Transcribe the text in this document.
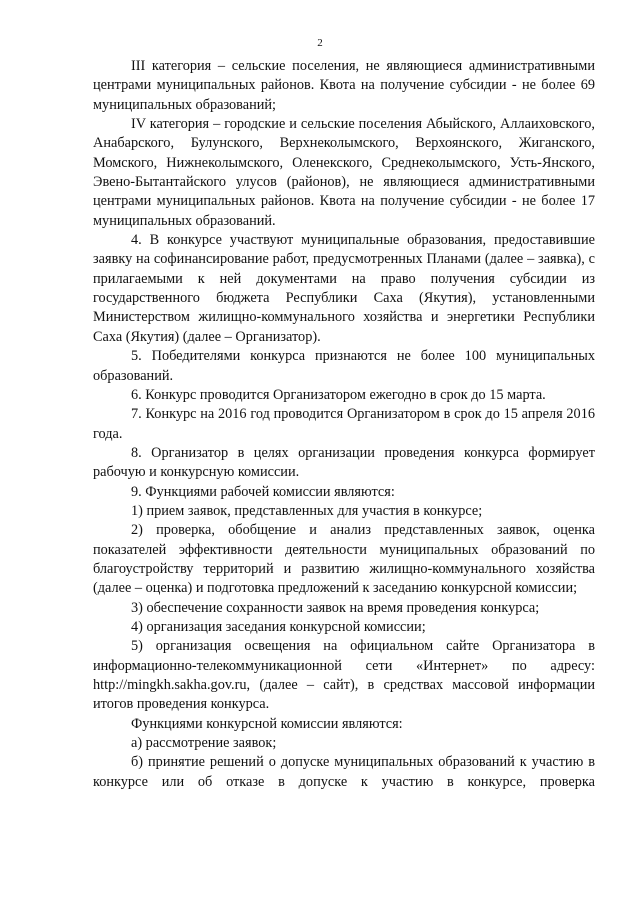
2

III категория – сельские поселения, не являющиеся административными центрами муниципальных районов. Квота на получение субсидии - не более 69 муниципальных образований;

IV категория – городские и сельские поселения Абыйского, Аллаиховского, Анабарского, Булунского, Верхнеколымского, Верхоянского, Жиганского, Момского, Нижнеколымского, Оленекского, Среднеколымского, Усть-Янского, Эвено-Бытантайского улусов (районов), не являющиеся административными центрами муниципальных районов. Квота на получение субсидии - не более 17 муниципальных образований.

4. В конкурсе участвуют муниципальные образования, предоставившие заявку на софинансирование работ, предусмотренных Планами (далее – заявка), с прилагаемыми к ней документами на право получения субсидии из государственного бюджета Республики Саха (Якутия), установленными Министерством жилищно-коммунального хозяйства и энергетики Республики Саха (Якутия) (далее – Организатор).

5. Победителями конкурса признаются не более 100 муниципальных образований.

6. Конкурс проводится Организатором ежегодно в срок до 15 марта.

7. Конкурс на 2016 год проводится Организатором в срок до 15 апреля 2016 года.

8. Организатор в целях организации проведения конкурса формирует рабочую и конкурсную комиссии.

9. Функциями рабочей комиссии являются:

1) прием заявок, представленных для участия в конкурсе;

2) проверка, обобщение и анализ представленных заявок, оценка показателей эффективности деятельности муниципальных образований по благоустройству территорий и развитию жилищно-коммунального хозяйства (далее – оценка) и подготовка предложений к заседанию конкурсной комиссии;

3) обеспечение сохранности заявок на время проведения конкурса;

4) организация заседания конкурсной комиссии;

5) организация освещения на официальном сайте Организатора в информационно-телекоммуникационной сети «Интернет» по адресу: http://mingkh.sakha.gov.ru, (далее – сайт), в средствах массовой информации итогов проведения конкурса.

Функциями конкурсной комиссии являются:

а) рассмотрение заявок;

б) принятие решений о допуске муниципальных образований к участию в конкурсе или об отказе в допуске к участию в конкурсе, проверка
